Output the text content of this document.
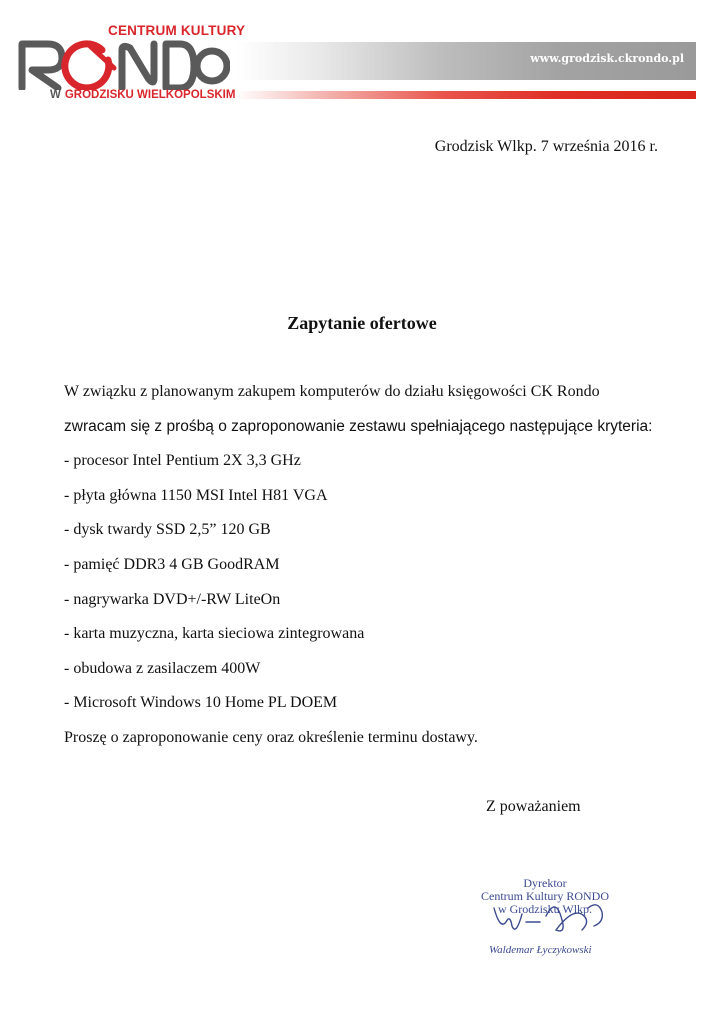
CENTRUM KULTURY
W GRODZISKU WIELKOPOLSKIM
www.grodzisk.ckrondo.pl
Grodzisk Wlkp. 7 września 2016 r.
Zapytanie ofertowe
W związku z planowanym zakupem komputerów do działu księgowości CK Rondo
zwracam się z prośbą o zaproponowanie zestawu spełniającego następujące kryteria:
- procesor Intel Pentium 2X 3,3 GHz
- płyta główna 1150 MSI Intel H81 VGA
- dysk twardy SSD 2,5” 120 GB
- pamięć DDR3 4 GB GoodRAM
- nagrywarka DVD+/-RW LiteOn
- karta muzyczna, karta sieciowa zintegrowana
- obudowa z zasilaczem 400W
- Microsoft Windows 10 Home PL DOEM
Proszę o zaproponowanie ceny oraz określenie terminu dostawy.
Z poważaniem
Dyrektor
Centrum Kultury RONDO
w Grodzisku Wlkp.
Waldemar Łyczykowski
